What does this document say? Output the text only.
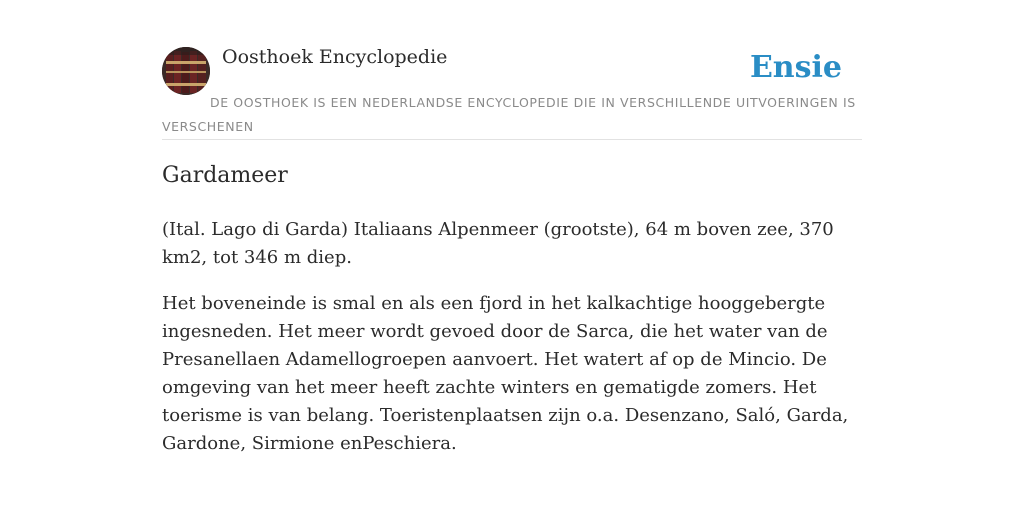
Oosthoek Encyclopedie	Ensie
DE OOSTHOEK IS EEN NEDERLANDSE ENCYCLOPEDIE DIE IN VERSCHILLENDE UITVOERINGEN IS VERSCHENEN
Gardameer

(Ital. Lago di Garda) Italiaans Alpenmeer (grootste), 64 m boven zee, 370 km2, tot 346 m diep.

Het boveneinde is smal en als een fjord in het kalkachtige hooggebergte ingesneden. Het meer wordt gevoed door de Sarca, die het water van de Presanellaen Adamellogroepen aanvoert. Het watert af op de Mincio. De omgeving van het meer heeft zachte winters en gematigde zomers. Het toerisme is van belang. Toeristenplaatsen zijn o.a. Desenzano, Saló, Garda, Gardone, Sirmione enPeschiera.
